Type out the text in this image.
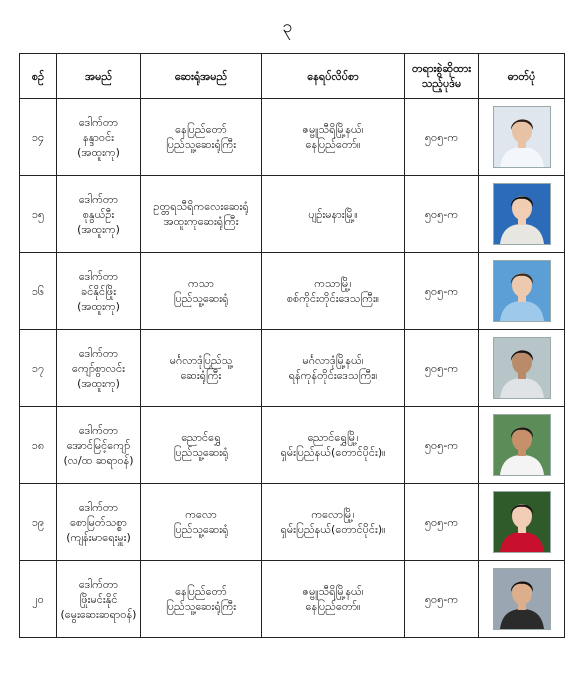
၃
စဉ်	အမည်	ဆေးရုံအမည်	နေရပ်လိပ်စာ	တရားစွဲဆိုထား
သည့်ပုဒ်မ	ဓာတ်ပုံ
၁၄	ဒေါက်တာ
နန္ဒာဝင်း
(အထူးကု)	နေပြည်တော်
ပြည်သူ့ဆေးရုံကြီး	ဇမ္ဗူသီရိမြို့နယ်၊
နေပြည်တော်။	၅၀၅-က	

၁၅	ဒေါက်တာ
စုနွယ်ဦး
(အထူးကု)	ဥတ္တရသီရိကလေးဆေးရုံ
အထူးကုဆေးရုံကြီး	ပျဉ်းမနားမြို့။	၅၀၅-က	

၁၆	ဒေါက်တာ
ခင်နိုင်ဖြိုး
(အထူးကု)	ကသာ
ပြည်သူ့ဆေးရုံ	ကသာမြို့၊
စစ်ကိုင်းတိုင်းဒေသကြီး။	၅၀၅-က	

၁၇	ဒေါက်တာ
ကျော်စွာလင်း
(အထူးကု)	မင်္ဂလာဒုံပြည်သူ့
ဆေးရုံကြီး	မင်္ဂလာဒုံမြို့နယ်၊
ရန်ကုန်တိုင်းဒေသကြီး။	၅၀၅-က	

၁၈	ဒေါက်တာ
အောင်မြင့်ကျော်
(လ/ထ ဆရာဝန်)	ညောင်ရွှေ
ပြည်သူ့ဆေးရုံ	ညောင်ရွှေမြို့၊
ရှမ်းပြည်နယ်(တောင်ပိုင်း)။	၅၀၅-က	

၁၉	ဒေါက်တာ
စောမြတ်သစ္စာ
(ကျန်းမာရေးမှူး)	ကလော
ပြည်သူ့ဆေးရုံ	ကလောမြို့၊
ရှမ်းပြည်နယ်(တောင်ပိုင်း)။	၅၀၅-က	

၂၀	ဒေါက်တာ
ဖြိုးမင်းနိုင်
(မွေးဆေးဆရာဝန်)	နေပြည်တော်
ပြည်သူ့ဆေးရုံကြီး	ဇမ္ဗူသီရိမြို့နယ်၊
နေပြည်တော်။	၅၀၅-က	
